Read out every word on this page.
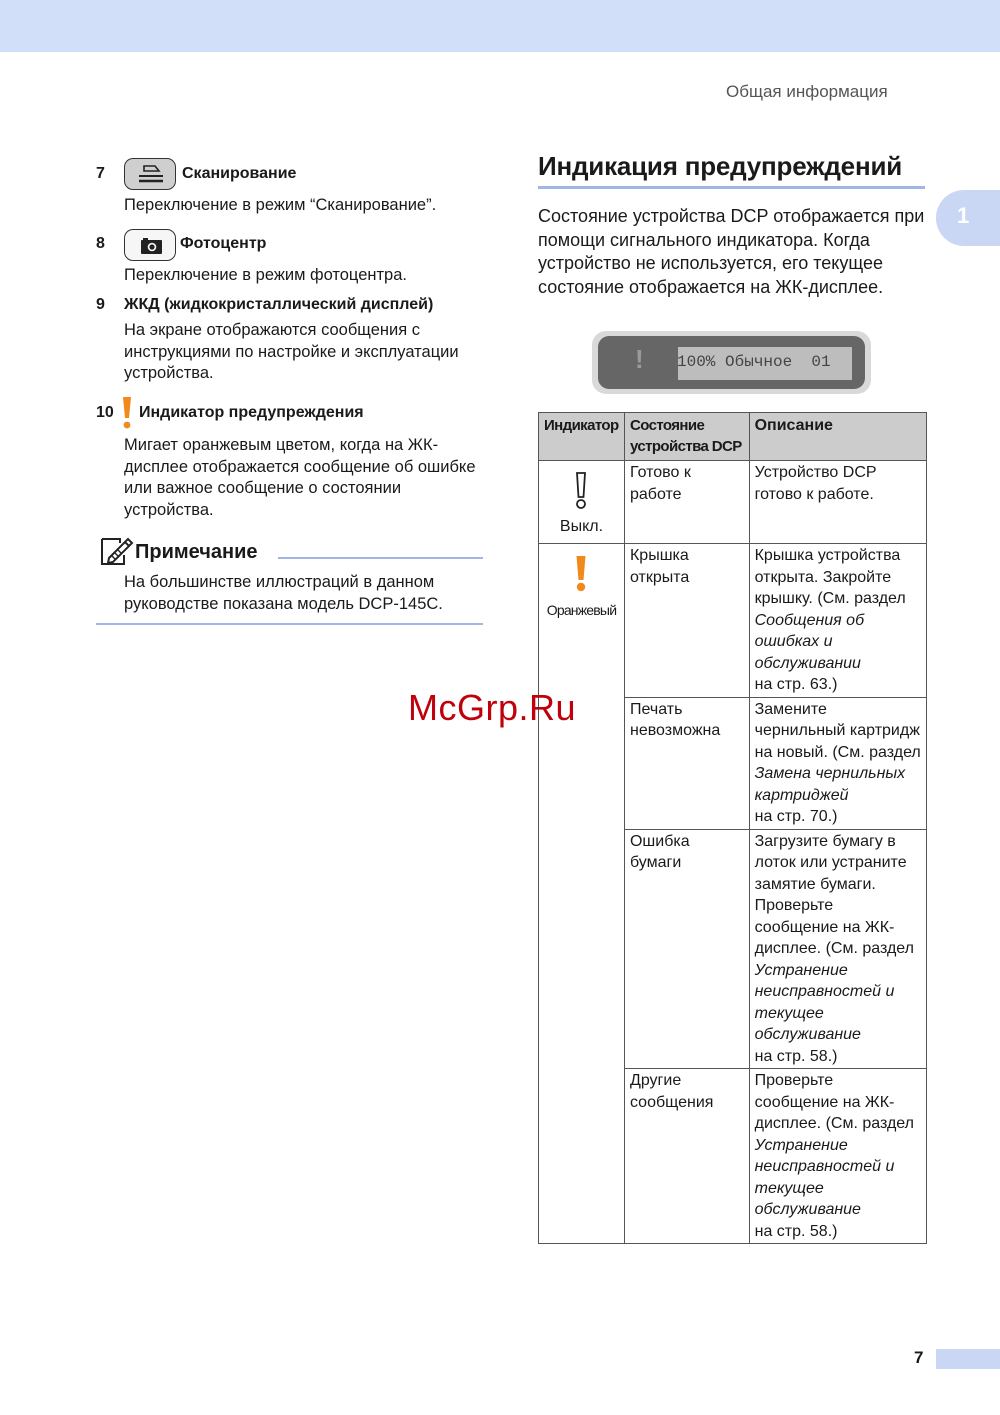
Общая информация
1
7	Сканирование
Переключение в режим “Сканирование”.
8	Фотоцентр
Переключение в режим фотоцентра.
9 ЖКД (жидкокристаллический дисплей)
На экране отображаются сообщения с инструкциями по настройке и эксплуатации устройства.
10 Индикатор предупреждения
Мигает оранжевым цветом, когда на ЖК-дисплее отображается сообщение об ошибке или важное сообщение о состоянии устройства.
Примечание
На большинстве иллюстраций в данном руководстве показана модель DCP-145C.
Индикация предупреждений
Состояние устройства DCP отображается при помощи сигнального индикатора. Когда устройство не используется, его текущее состояние отображается на ЖК-дисплее.
! 100% Обычное  01
Индикатор	Состояние устройства DCP	Описание

Выкл.	Готово к работе	Устройство DCP готово к работе.

Оранжевый	Крышка открыта	Крышка устройства открыта. Закройте крышку. (См. раздел Сообщения об ошибках и обслуживании
на стр. 63.)
	Печать невозможна	Замените чернильный картридж на новый. (См. раздел Замена чернильных картриджей
на стр. 70.)
	Ошибка бумаги	Загрузите бумагу в лоток или устраните замятие бумаги. Проверьте сообщение на ЖК-дисплее. (См. раздел Устранение неисправностей и текущее обслуживание
на стр. 58.)
	Другие сообщения	Проверьте сообщение на ЖК-дисплее. (См. раздел Устранение неисправностей и текущее обслуживание
на стр. 58.)
McGrp.Ru
7
